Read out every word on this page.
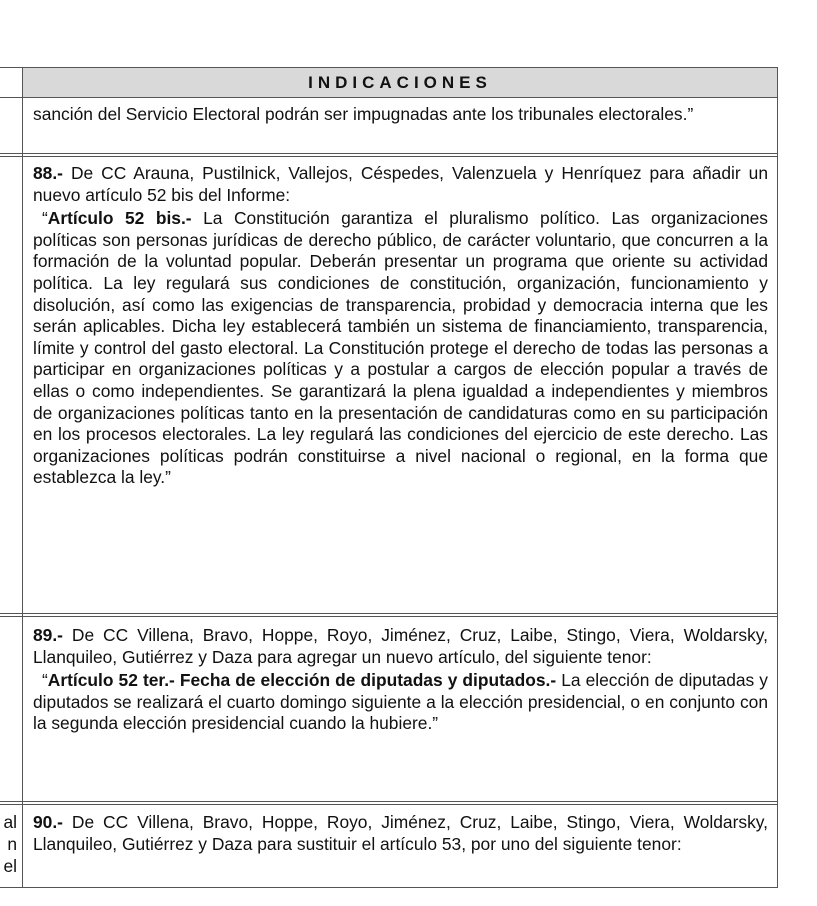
INDICACIONES

sanción del Servicio Electoral podrán ser impugnadas ante los tribunales electorales.”

88.- De CC Arauna, Pustilnick, Vallejos, Céspedes, Valenzuela y Henríquez para añadir un nuevo artículo 52 bis del Informe:

“Artículo 52 bis.- La Constitución garantiza el pluralismo político. Las organizaciones políticas son personas jurídicas de derecho público, de carácter voluntario, que concurren a la formación de la voluntad popular. Deberán presentar un programa que oriente su actividad política. La ley regulará sus condiciones de constitución, organización, funcionamiento y disolución, así como las exigencias de transparencia, probidad y democracia interna que les serán aplicables. Dicha ley establecerá también un sistema de financiamiento, transparencia, límite y control del gasto electoral. La Constitución protege el derecho de todas las personas a participar en organizaciones políticas y a postular a cargos de elección popular a través de ellas o como independientes. Se garantizará la plena igualdad a independientes y miembros de organizaciones políticas tanto en la presentación de candidaturas como en su participación en los procesos electorales. La ley regulará las condiciones del ejercicio de este derecho. Las organizaciones políticas podrán constituirse a nivel nacional o regional, en la forma que establezca la ley.”

89.- De CC Villena, Bravo, Hoppe, Royo, Jiménez, Cruz, Laibe, Stingo, Viera, Woldarsky, Llanquileo, Gutiérrez y Daza para agregar un nuevo artículo, del siguiente tenor:

“Artículo 52 ter.- Fecha de elección de diputadas y diputados.- La elección de diputadas y diputados se realizará el cuarto domingo siguiente a la elección presidencial, o en conjunto con la segunda elección presidencial cuando la hubiere.”

90.- De CC Villena, Bravo, Hoppe, Royo, Jiménez, Cruz, Laibe, Stingo, Viera, Woldarsky, Llanquileo, Gutiérrez y Daza para sustituir el artículo 53, por uno del siguiente tenor:

al
n
el
